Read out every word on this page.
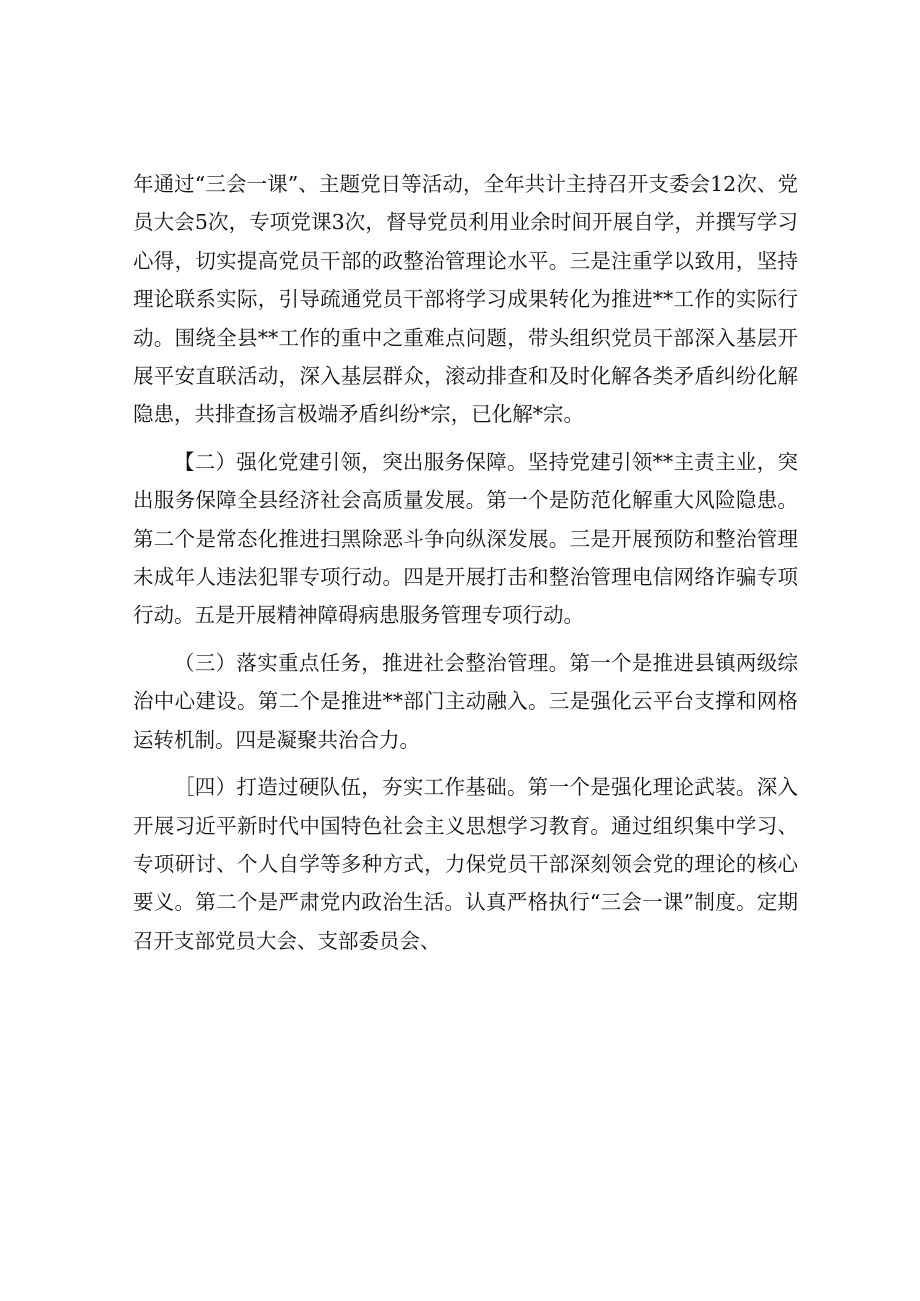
年通过“三会一课”、主题党日等活动，全年共计主持召开支委会12次、党员大会5次，专项党课3次，督导党员利用业余时间开展自学，并撰写学习心得，切实提高党员干部的政整治管理论水平。三是注重学以致用，坚持理论联系实际，引导疏通党员干部将学习成果转化为推进**工作的实际行动。围绕全县**工作的重中之重难点问题，带头组织党员干部深入基层开展平安直联活动，深入基层群众，滚动排查和及时化解各类矛盾纠纷化解隐患，共排查扬言极端矛盾纠纷*宗，已化解*宗。

【二）强化党建引领，突出服务保障。坚持党建引领**主责主业，突出服务保障全县经济社会高质量发展。第一个是防范化解重大风险隐患。第二个是常态化推进扫黑除恶斗争向纵深发展。三是开展预防和整治管理未成年人违法犯罪专项行动。四是开展打击和整治管理电信网络诈骗专项行动。五是开展精神障碍病患服务管理专项行动。

（三）落实重点任务，推进社会整治管理。第一个是推进县镇两级综治中心建设。第二个是推进**部门主动融入。三是强化云平台支撑和网格运转机制。四是凝聚共治合力。

［四）打造过硬队伍，夯实工作基础。第一个是强化理论武装。深入开展习近平新时代中国特色社会主义思想学习教育。通过组织集中学习、专项研讨、个人自学等多种方式，力保党员干部深刻领会党的理论的核心要义。第二个是严肃党内政治生活。认真严格执行“三会一课”制度。定期召开支部党员大会、支部委员会、
